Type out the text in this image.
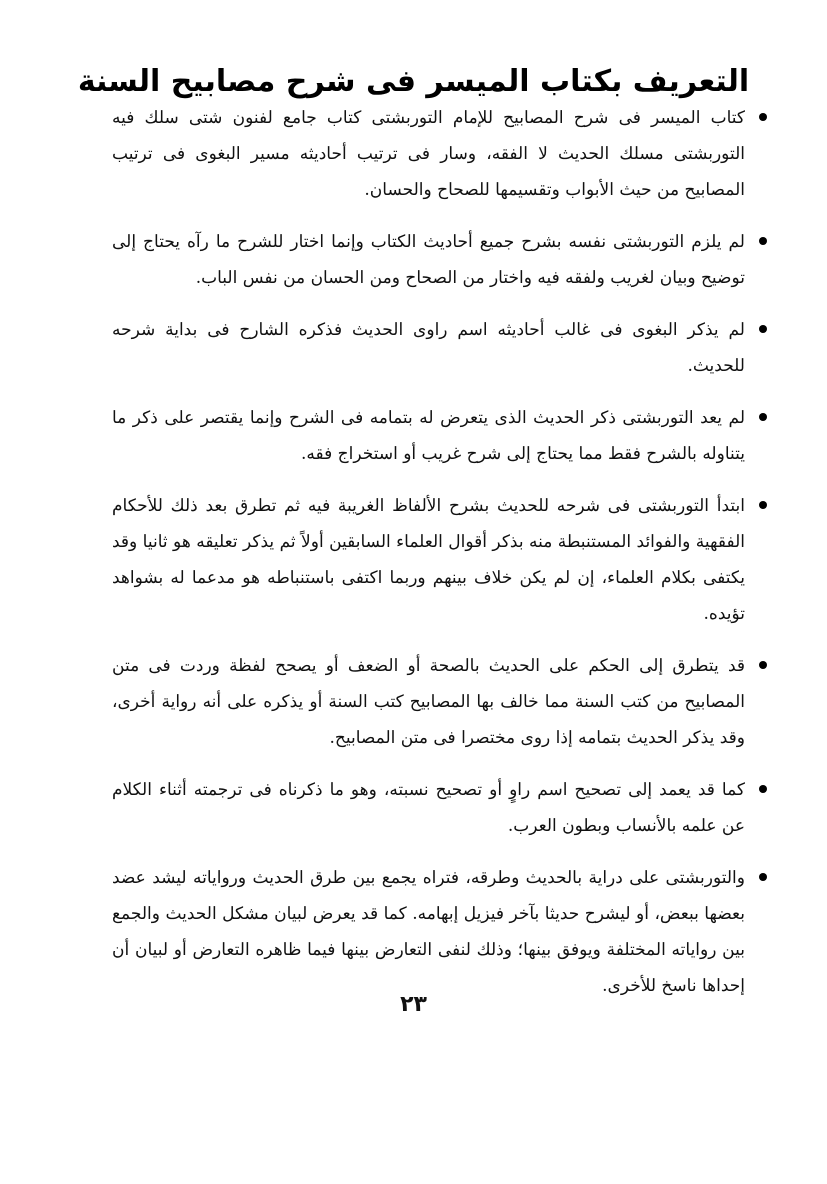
التعريف بكتاب الميسر فى شرح مصابيح السنة
كتاب الميسر فى شرح المصابيح للإمام التوربشتى كتاب جامع لفنون شتى سلك فيه التوربشتى مسلك الحديث لا الفقه، وسار فى ترتيب أحاديثه مسير البغوى فى ترتيب المصابيح من حيث الأبواب وتقسيمها للصحاح والحسان.
لم يلزم التوربشتى نفسه بشرح جميع أحاديث الكتاب وإنما اختار للشرح ما رآه يحتاج إلى توضيح وبيان لغريب ولفقه فيه واختار من الصحاح ومن الحسان من نفس الباب.
لم يذكر البغوى فى غالب أحاديثه اسم راوى الحديث فذكره الشارح فى بداية شرحه للحديث.
لم يعد التوربشتى ذكر الحديث الذى يتعرض له بتمامه فى الشرح وإنما يقتصر على ذكر ما يتناوله بالشرح فقط مما يحتاج إلى شرح غريب أو استخراج فقه.
ابتدأ التوربشتى فى شرحه للحديث بشرح الألفاظ الغريبة فيه ثم تطرق بعد ذلك للأحكام الفقهية والفوائد المستنبطة منه بذكر أقوال العلماء السابقين أولاً ثم يذكر تعليقه هو ثانيا وقد يكتفى بكلام العلماء، إن لم يكن خلاف بينهم وربما اكتفى باستنباطه هو مدعما له بشواهد تؤيده.
قد يتطرق إلى الحكم على الحديث بالصحة أو الضعف أو يصحح لفظة وردت فى متن المصابيح من كتب السنة مما خالف بها المصابيح كتب السنة أو يذكره على أنه رواية أخرى، وقد يذكر الحديث بتمامه إذا روى مختصرا فى متن المصابيح.
كما قد يعمد إلى تصحيح اسم راوٍ أو تصحيح نسبته، وهو ما ذكرناه فى ترجمته أثناء الكلام عن علمه بالأنساب وبطون العرب.
والتوربشتى على دراية بالحديث وطرقه، فتراه يجمع بين طرق الحديث ورواياته ليشد عضد بعضها ببعض، أو ليشرح حديثا بآخر فيزيل إبهامه. كما قد يعرض لبيان مشكل الحديث والجمع بين رواياته المختلفة ويوفق بينها؛ وذلك لنفى التعارض بينها فيما ظاهره التعارض أو لبيان أن إحداها ناسخ للأخرى.
٢٣
